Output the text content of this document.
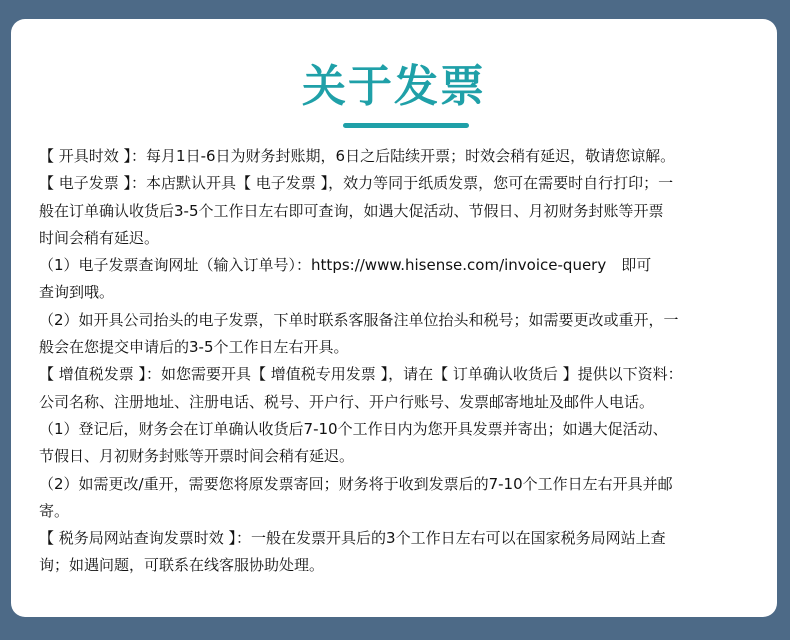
关于发票
【 开具时效 】：每月1日-6日为财务封账期，6日之后陆续开票；时效会稍有延迟，敬请您谅解。
【 电子发票 】：本店默认开具【 电子发票 】，效力等同于纸质发票，您可在需要时自行打印；一
般在订单确认收货后3-5个工作日左右即可查询，如遇大促活动、节假日、月初财务封账等开票
时间会稍有延迟。
（1）电子发票查询网址（输入订单号）：https://www.hisense.com/invoice-query　即可
查询到哦。
（2）如开具公司抬头的电子发票，下单时联系客服备注单位抬头和税号；如需要更改或重开，一
般会在您提交申请后的3-5个工作日左右开具。
【 增值税发票 】：如您需要开具【 增值税专用发票 】，请在【 订单确认收货后 】提供以下资料：
公司名称、注册地址、注册电话、税号、开户行、开户行账号、发票邮寄地址及邮件人电话。
（1）登记后，财务会在订单确认收货后7-10个工作日内为您开具发票并寄出；如遇大促活动、
节假日、月初财务封账等开票时间会稍有延迟。
（2）如需更改/重开，需要您将原发票寄回；财务将于收到发票后的7-10个工作日左右开具并邮
寄。
【 税务局网站查询发票时效 】：一般在发票开具后的3个工作日左右可以在国家税务局网站上查
询；如遇问题，可联系在线客服协助处理。
